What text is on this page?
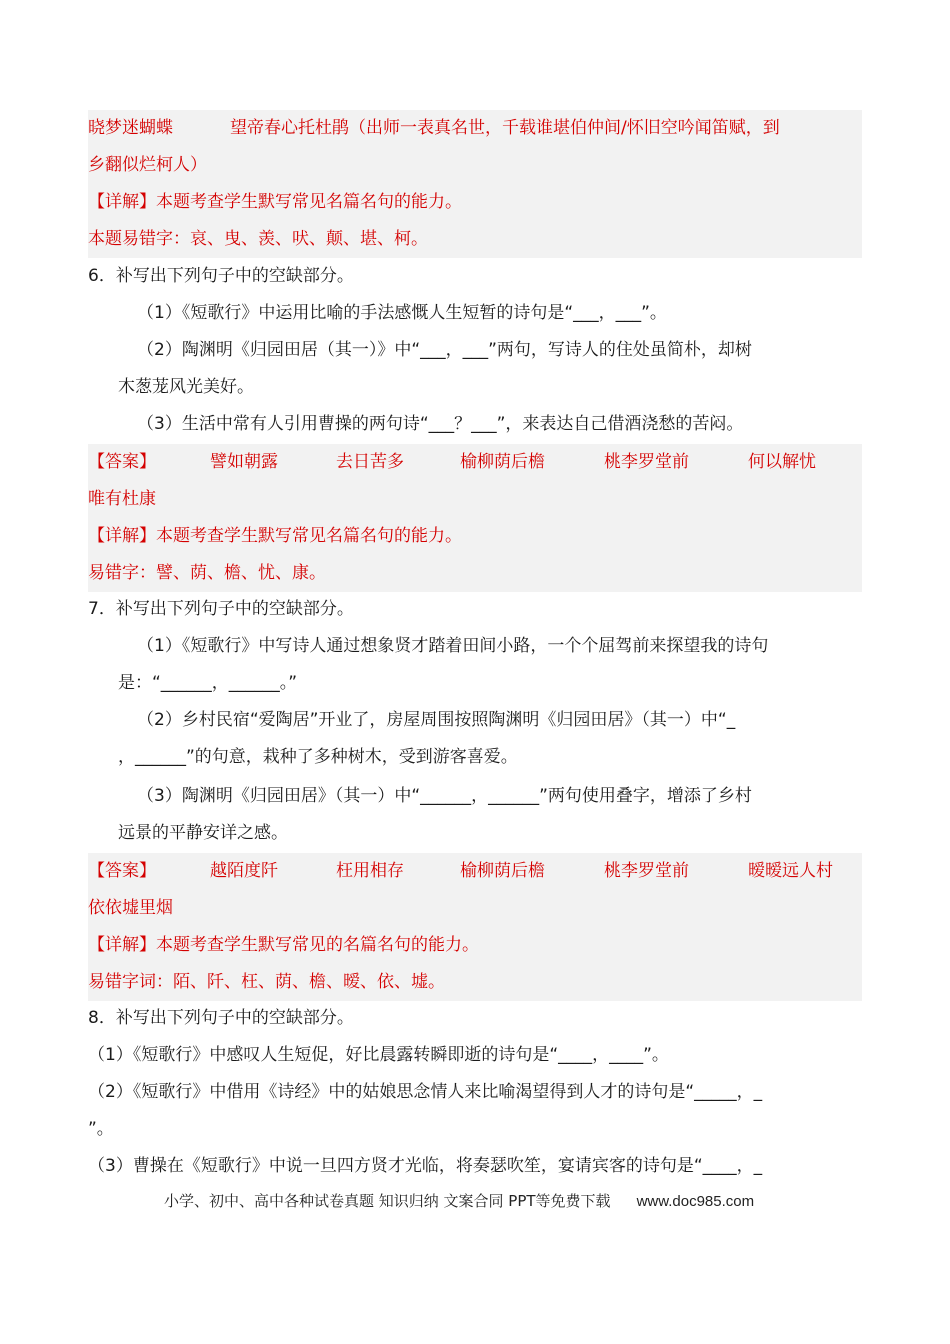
晓梦迷蝴蝶	望帝春心托杜鹃（出师一表真名世，千载谁堪伯仲间/怀旧空吟闻笛赋，到
乡翻似烂柯人）
【详解】本题考查学生默写常见名篇名句的能力。
本题易错字：哀、曳、羡、吠、颠、堪、柯。
6．补写出下列句子中的空缺部分。
（1）《短歌行》中运用比喻的手法感慨人生短暂的诗句是“___，___”。
（2）陶渊明《归园田居（其一）》中“___，___”两句，写诗人的住处虽简朴，却树
木葱茏风光美好。
（3）生活中常有人引用曹操的两句诗“___？___”，来表达自己借酒浇愁的苦闷。
【答案】	譬如朝露	去日苦多	榆柳荫后檐	桃李罗堂前	何以解忧
唯有杜康
【详解】本题考查学生默写常见名篇名句的能力。
易错字：譬、荫、檐、忧、康。
7．补写出下列句子中的空缺部分。
（1）《短歌行》中写诗人通过想象贤才踏着田间小路，一个个屈驾前来探望我的诗句
是：“______，______。”
（2）乡村民宿“爱陶居”开业了，房屋周围按照陶渊明《归园田居》（其一）中“_
，______”的句意，栽种了多种树木，受到游客喜爱。
（3）陶渊明《归园田居》（其一）中“______，______”两句使用叠字，增添了乡村
远景的平静安详之感。
【答案】	越陌度阡	枉用相存	榆柳荫后檐	桃李罗堂前	暧暧远人村
依依墟里烟
【详解】本题考查学生默写常见的名篇名句的能力。
易错字词：陌、阡、枉、荫、檐、暧、依、墟。
8．补写出下列句子中的空缺部分。
（1）《短歌行》中感叹人生短促，好比晨露转瞬即逝的诗句是“____，____”。
（2）《短歌行》中借用《诗经》中的姑娘思念情人来比喻渴望得到人才的诗句是“_____，_
”。
（3）曹操在《短歌行》中说一旦四方贤才光临，将奏瑟吹笙，宴请宾客的诗句是“____，_
小学、初中、高中各种试卷真题 知识归纳 文案合同 PPT等免费下载 www.doc985.com
